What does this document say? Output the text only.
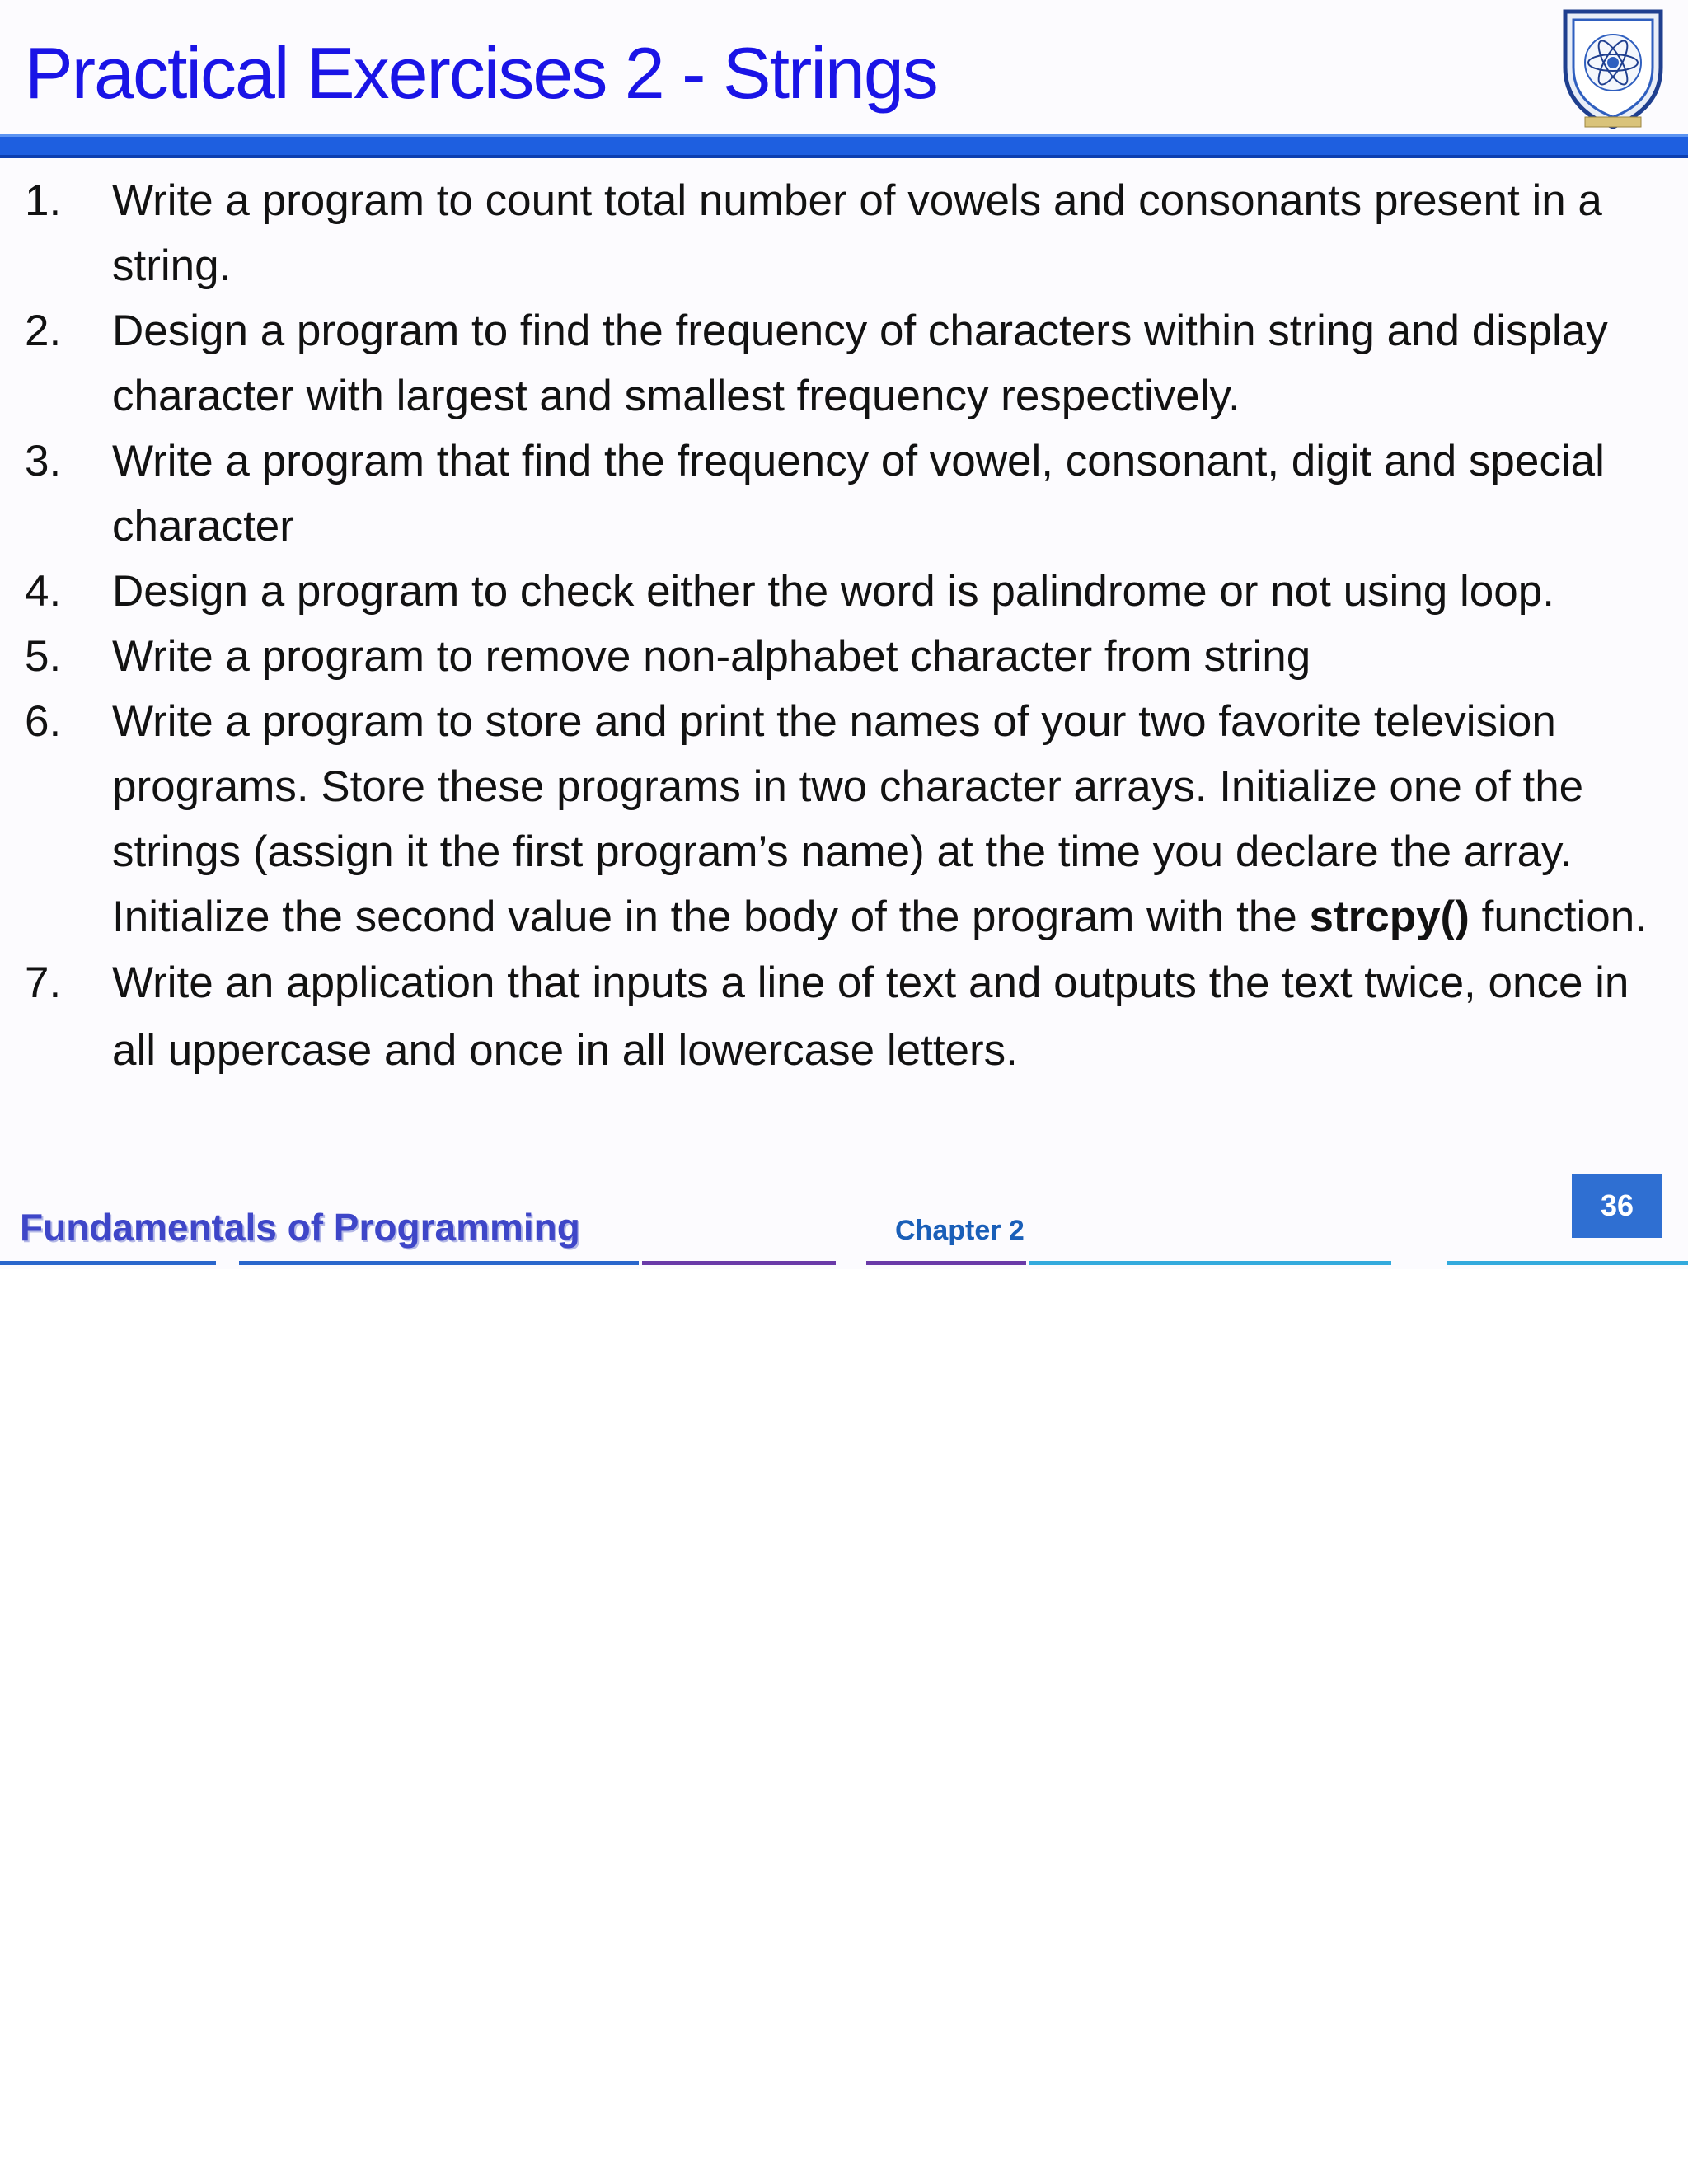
Practical Exercises 2 - Strings
1. Write a program to count total number of vowels and consonants present in a string.
2. Design a program to find the frequency of characters within string and display character with largest and smallest frequency respectively.
3. Write a program that find the frequency of vowel, consonant, digit and special character
4. Design a program to check either the word is palindrome or not using loop.
5. Write a program to remove non-alphabet character from string
6. Write a program to store and print the names of your two favorite television programs. Store these programs in two character arrays. Initialize one of the strings (assign it the first program’s name) at the time you declare the array. Initialize the second value in the body of the program with the strcpy() function.
7. Write an application that inputs a line of text and outputs the text twice, once in all uppercase and once in all lowercase letters.

Fundamentals of Programming	Chapter 2

36
